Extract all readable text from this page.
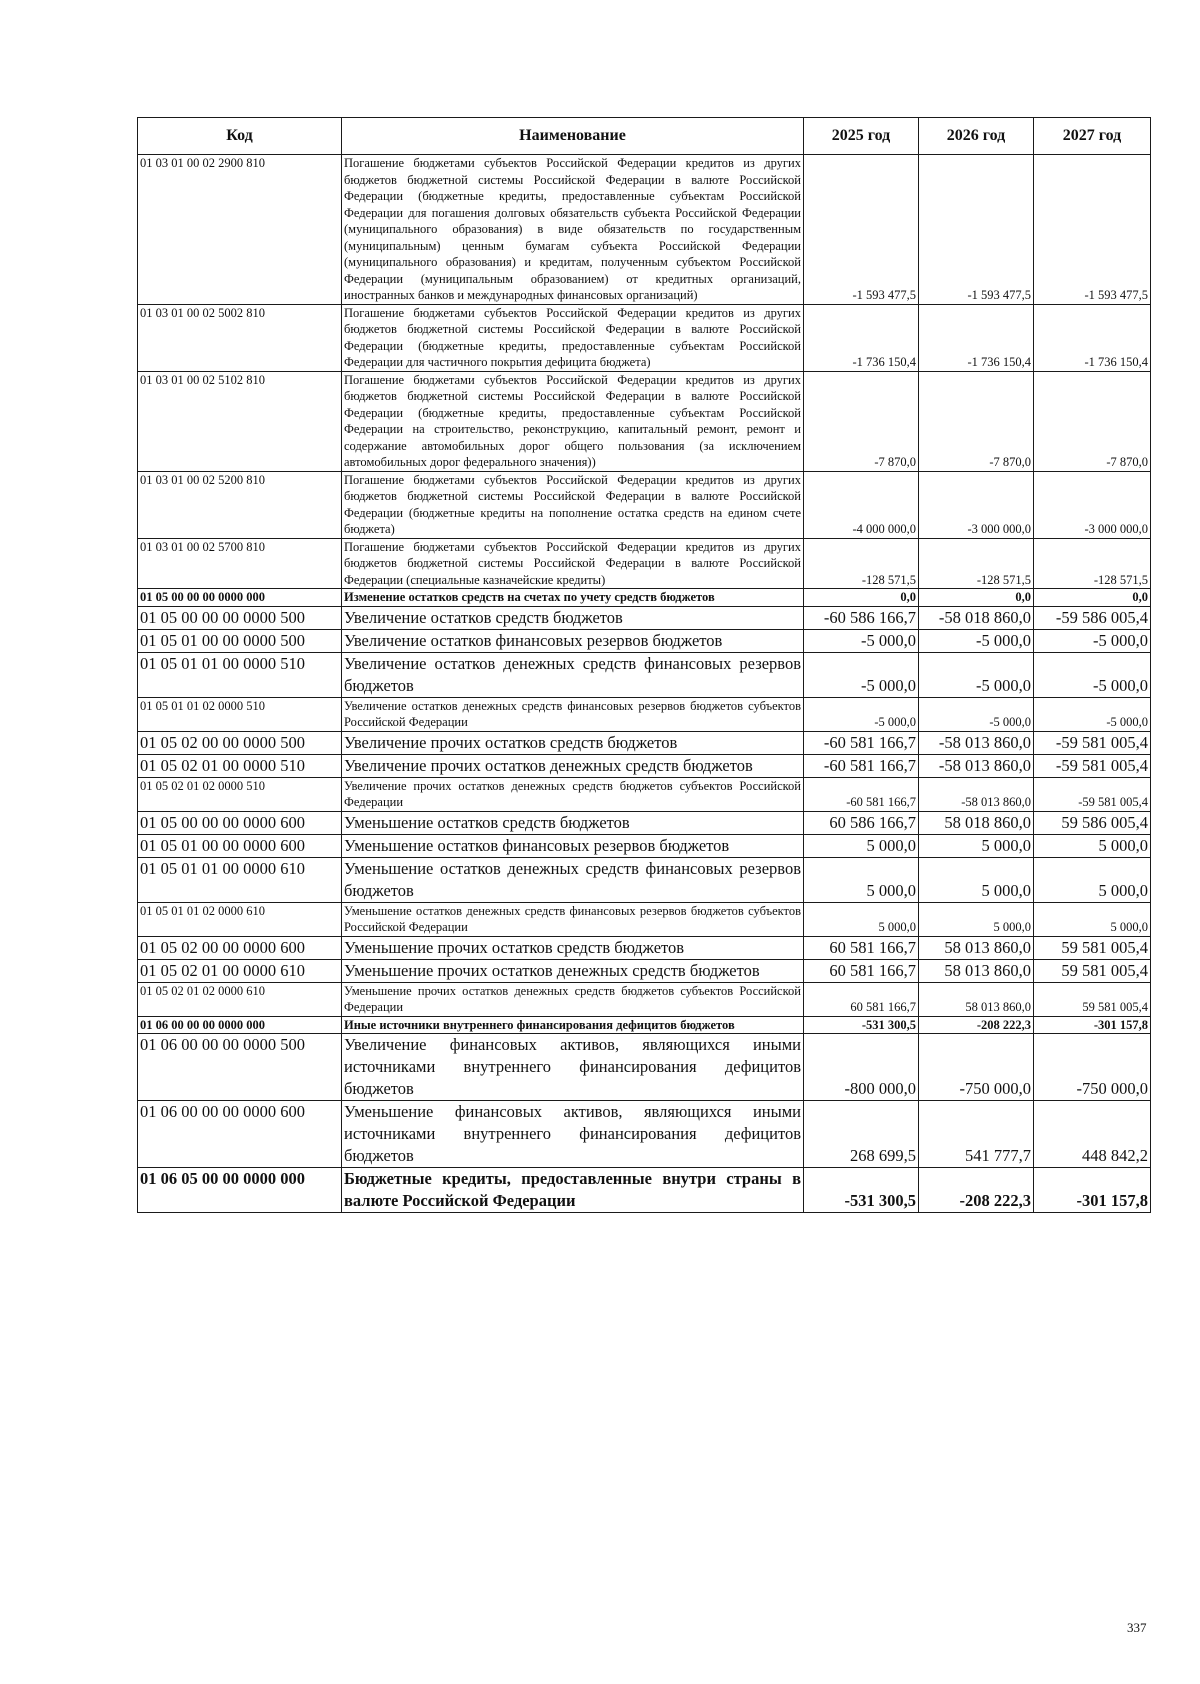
Код	Наименование	2025 год	2026 год	2027 год
01 03 01 00 02 2900 810	Погашение бюджетами субъектов Российской Федерации кредитов из других бюджетов бюджетной системы Российской Федерации в валюте Российской Федерации (бюджетные кредиты, предоставленные субъектам Российской Федерации для погашения долговых обязательств субъекта Российской Федерации (муниципального образования) в виде обязательств по государственным (муниципальным) ценным бумагам субъекта Российской Федерации (муниципального образования) и кредитам, полученным субъектом Российской Федерации (муниципальным образованием) от кредитных организаций, иностранных банков и международных финансовых организаций)	-1 593 477,5	-1 593 477,5	-1 593 477,5
01 03 01 00 02 5002 810	Погашение бюджетами субъектов Российской Федерации кредитов из других бюджетов бюджетной системы Российской Федерации в валюте Российской Федерации (бюджетные кредиты, предоставленные субъектам Российской Федерации для частичного покрытия дефицита бюджета)	-1 736 150,4	-1 736 150,4	-1 736 150,4
01 03 01 00 02 5102 810	Погашение бюджетами субъектов Российской Федерации кредитов из других бюджетов бюджетной системы Российской Федерации в валюте Российской Федерации (бюджетные кредиты, предоставленные субъектам Российской Федерации на строительство, реконструкцию, капитальный ремонт, ремонт и содержание автомобильных дорог общего пользования (за исключением автомобильных дорог федерального значения))	-7 870,0	-7 870,0	-7 870,0
01 03 01 00 02 5200 810	Погашение бюджетами субъектов Российской Федерации кредитов из других бюджетов бюджетной системы Российской Федерации в валюте Российской Федерации (бюджетные кредиты на пополнение остатка средств на едином счете бюджета)	-4 000 000,0	-3 000 000,0	-3 000 000,0
01 03 01 00 02 5700 810	Погашение бюджетами субъектов Российской Федерации кредитов из других бюджетов бюджетной системы Российской Федерации в валюте Российской Федерации (специальные казначейские кредиты)	-128 571,5	-128 571,5	-128 571,5
01 05 00 00 00 0000 000	Изменение остатков средств на счетах по учету средств бюджетов	0,0	0,0	0,0
01 05 00 00 00 0000 500	Увеличение остатков средств бюджетов	-60 586 166,7	-58 018 860,0	-59 586 005,4
01 05 01 00 00 0000 500	Увеличение остатков финансовых резервов бюджетов	-5 000,0	-5 000,0	-5 000,0
01 05 01 01 00 0000 510	Увеличение остатков денежных средств финансовых резервов бюджетов	-5 000,0	-5 000,0	-5 000,0
01 05 01 01 02 0000 510	Увеличение остатков денежных средств финансовых резервов бюджетов субъектов Российской Федерации	-5 000,0	-5 000,0	-5 000,0
01 05 02 00 00 0000 500	Увеличение прочих остатков средств бюджетов	-60 581 166,7	-58 013 860,0	-59 581 005,4
01 05 02 01 00 0000 510	Увеличение прочих остатков денежных средств бюджетов	-60 581 166,7	-58 013 860,0	-59 581 005,4
01 05 02 01 02 0000 510	Увеличение прочих остатков денежных средств бюджетов субъектов Российской Федерации	-60 581 166,7	-58 013 860,0	-59 581 005,4
01 05 00 00 00 0000 600	Уменьшение остатков средств бюджетов	60 586 166,7	58 018 860,0	59 586 005,4
01 05 01 00 00 0000 600	Уменьшение остатков финансовых резервов бюджетов	5 000,0	5 000,0	5 000,0
01 05 01 01 00 0000 610	Уменьшение остатков денежных средств финансовых резервов бюджетов	5 000,0	5 000,0	5 000,0
01 05 01 01 02 0000 610	Уменьшение остатков денежных средств финансовых резервов бюджетов субъектов Российской Федерации	5 000,0	5 000,0	5 000,0
01 05 02 00 00 0000 600	Уменьшение прочих остатков средств бюджетов	60 581 166,7	58 013 860,0	59 581 005,4
01 05 02 01 00 0000 610	Уменьшение прочих остатков денежных средств бюджетов	60 581 166,7	58 013 860,0	59 581 005,4
01 05 02 01 02 0000 610	Уменьшение прочих остатков денежных средств бюджетов субъектов Российской Федерации	60 581 166,7	58 013 860,0	59 581 005,4
01 06 00 00 00 0000 000	Иные источники внутреннего финансирования дефицитов бюджетов	-531 300,5	-208 222,3	-301 157,8
01 06 00 00 00 0000 500	Увеличение финансовых активов, являющихся иными источниками внутреннего финансирования дефицитов бюджетов	-800 000,0	-750 000,0	-750 000,0
01 06 00 00 00 0000 600	Уменьшение финансовых активов, являющихся иными источниками внутреннего финансирования дефицитов бюджетов	268 699,5	541 777,7	448 842,2
01 06 05 00 00 0000 000	Бюджетные кредиты, предоставленные внутри страны в валюте Российской Федерации	-531 300,5	-208 222,3	-301 157,8
337
